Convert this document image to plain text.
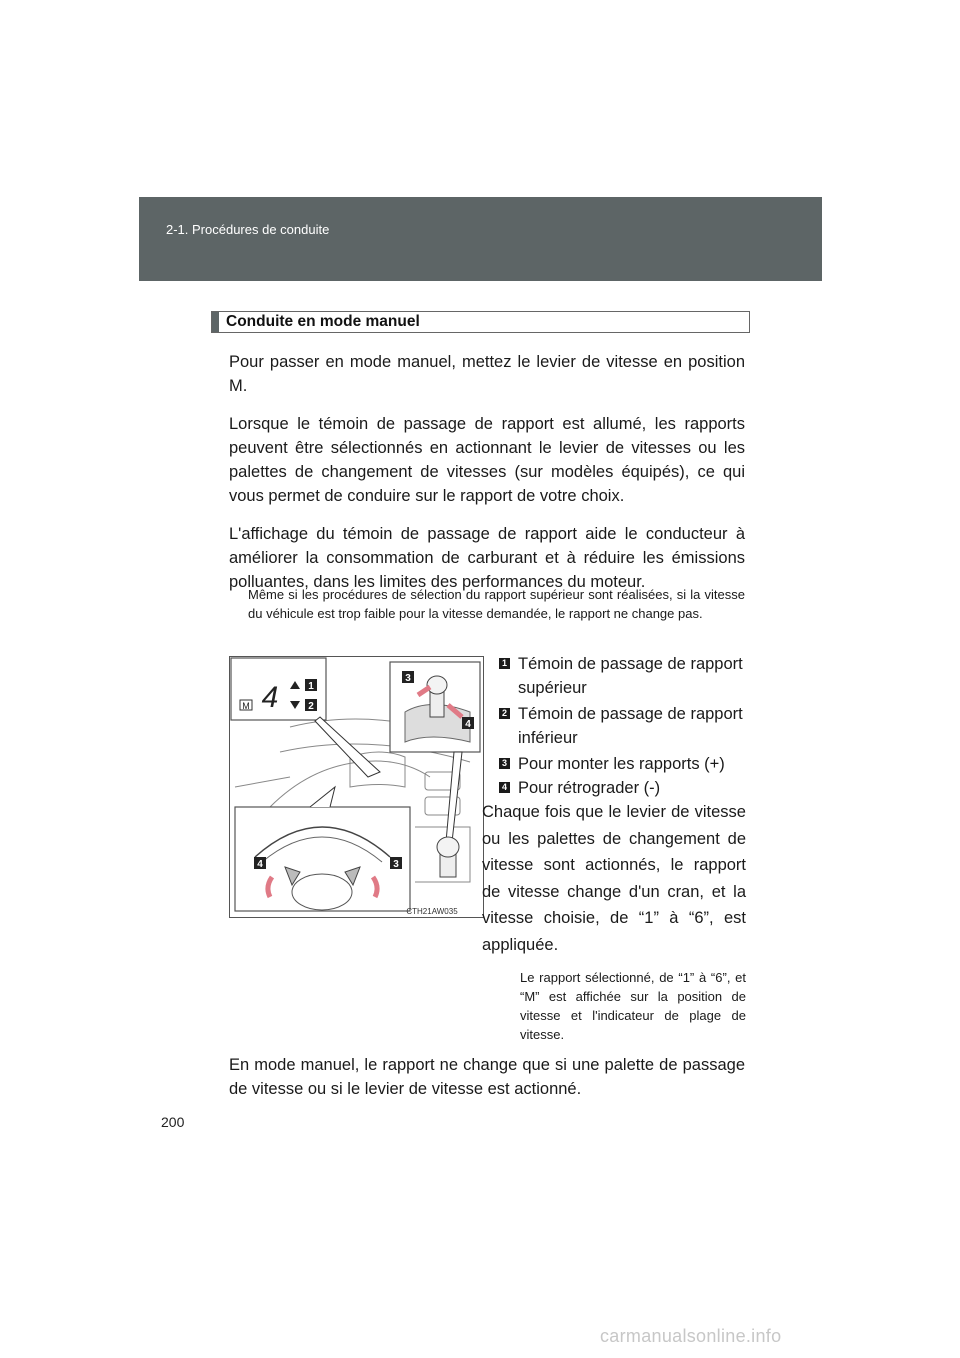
2-1. Procédures de conduite
Conduite en mode manuel

Pour passer en mode manuel, mettez le levier de vitesse en position M.

Lorsque le témoin de passage de rapport est allumé, les rapports peuvent être sélectionnés en actionnant le levier de vitesses ou les palettes de changement de vitesses (sur modèles équipés), ce qui vous permet de conduire sur le rapport de votre choix.

L'affichage du témoin de passage de rapport aide le conducteur à améliorer la consommation de carburant et à réduire les émissions polluantes, dans les limites des performances du moteur.

Même si les procédures de sélection du rapport supérieur sont réalisées, si la vitesse du véhicule est trop faible pour la vitesse demandée, le rapport ne change pas.

M 4	1
2
3
4
4	3
CTH21AW035
1 Témoin de passage de rapport supérieur
2 Témoin de passage de rapport inférieur
3 Pour monter les rapports (+)
4 Pour rétrograder (-)

Chaque fois que le levier de vitesse ou les palettes de changement de vitesse sont actionnés, le rapport de vitesse change d'un cran, et la vitesse choisie, de “1” à “6”, est appliquée.

Le rapport sélectionné, de “1” à “6”, et “M” est affichée sur la position de vitesse et l'indicateur de plage de vitesse.

En mode manuel, le rapport ne change que si une palette de passage de vitesse ou si le levier de vitesse est actionné.

200
carmanualsonline.info
